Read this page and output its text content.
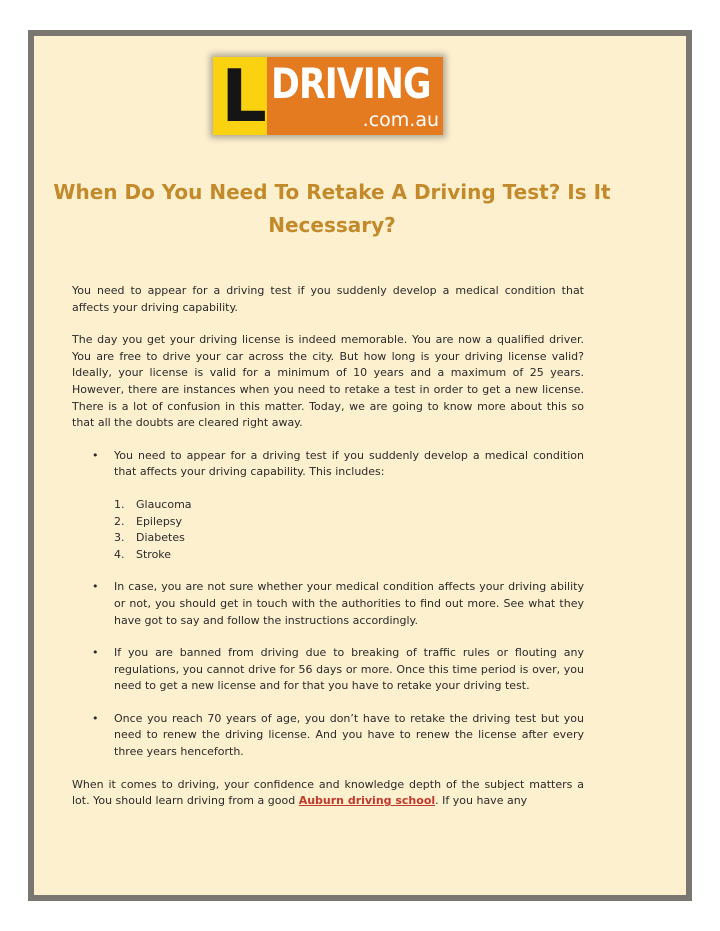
L DRIVING
.com.au
When Do You Need To Retake A Driving Test? Is It Necessary?

You need to appear for a driving test if you suddenly develop a medical condition that affects your driving capability.

The day you get your driving license is indeed memorable. You are now a qualified driver. You are free to drive your car across the city. But how long is your driving license valid? Ideally, your license is valid for a minimum of 10 years and a maximum of 25 years. However, there are instances when you need to retake a test in order to get a new license. There is a lot of confusion in this matter. Today, we are going to know more about this so that all the doubts are cleared right away.

• You need to appear for a driving test if you suddenly develop a medical condition that affects your driving capability. This includes:
1. Glaucoma
2. Epilepsy
3. Diabetes
4. Stroke
• In case, you are not sure whether your medical condition affects your driving ability or not, you should get in touch with the authorities to find out more. See what they have got to say and follow the instructions accordingly.
• If you are banned from driving due to breaking of traffic rules or flouting any regulations, you cannot drive for 56 days or more. Once this time period is over, you need to get a new license and for that you have to retake your driving test.
• Once you reach 70 years of age, you don’t have to retake the driving test but you need to renew the driving license. And you have to renew the license after every three years henceforth.

When it comes to driving, your confidence and knowledge depth of the subject matters a lot. You should learn driving from a good Auburn driving school. If you have any
